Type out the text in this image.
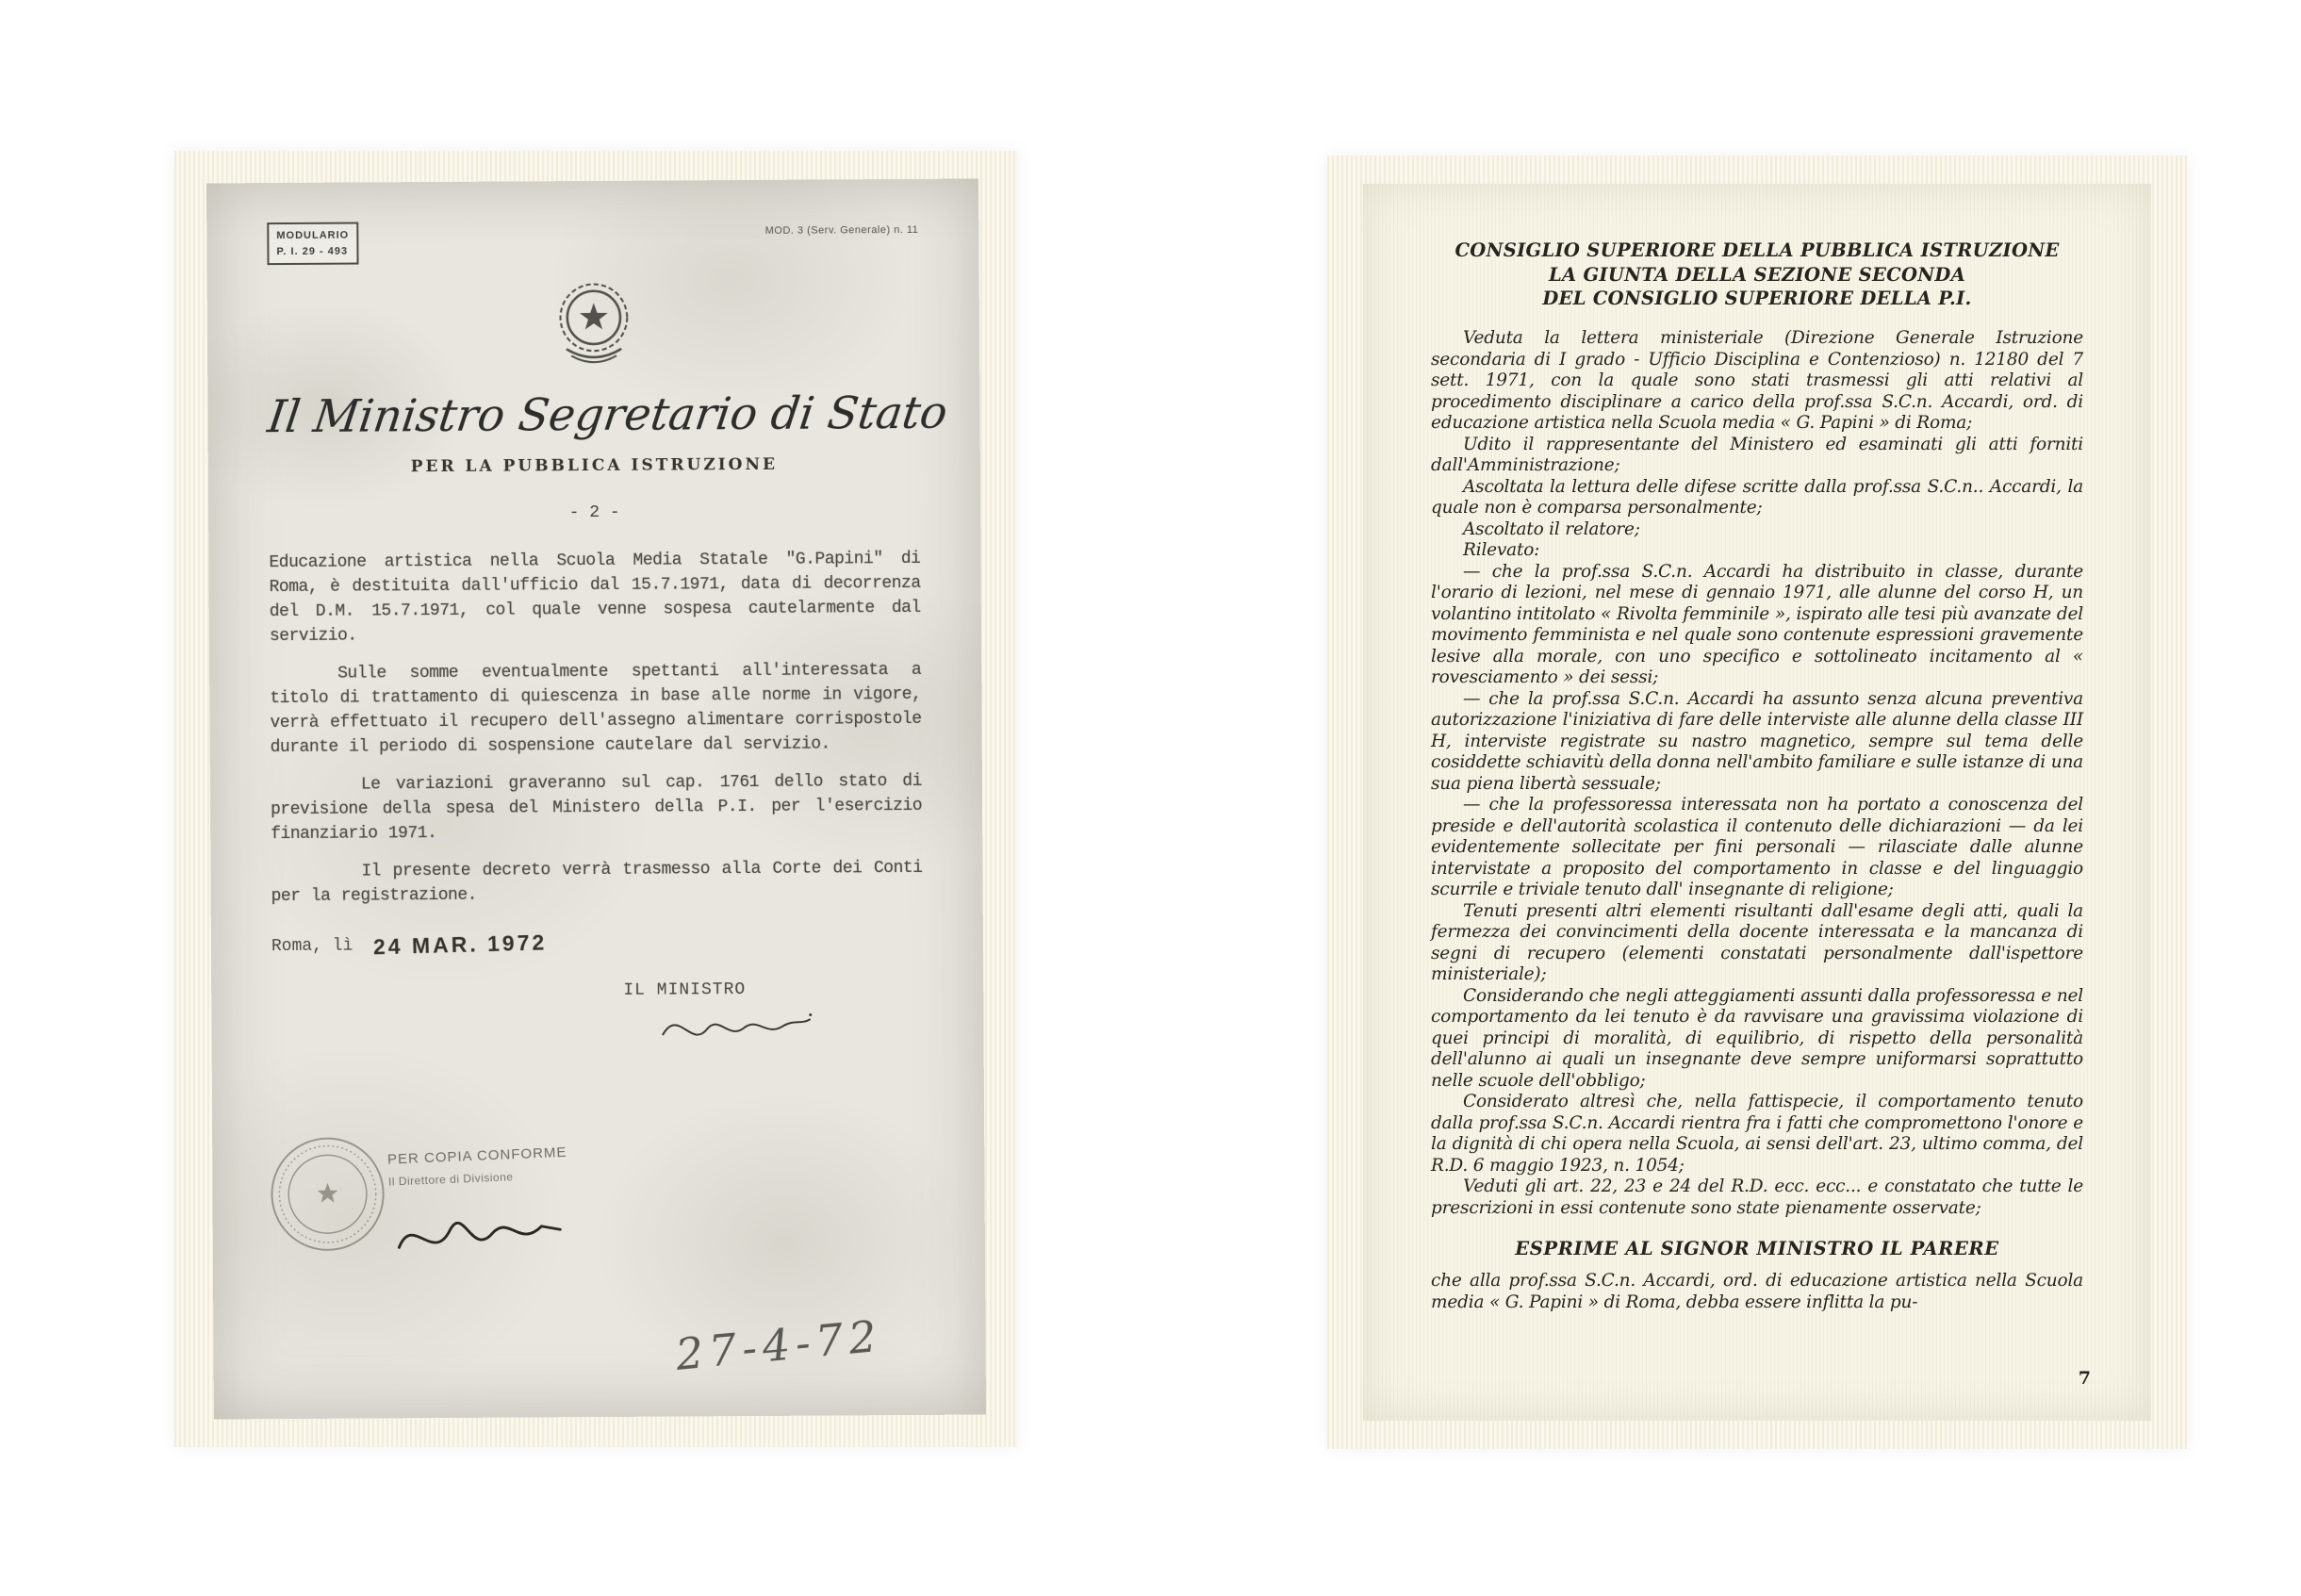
MODULARIO
P. I. 29 - 493
MOD. 3 (Serv. Generale) n. 11
Il Ministro Segretario di Stato
PER LA PUBBLICA ISTRUZIONE
- 2 -

Educazione artistica nella Scuola Media Statale "G.Papini" di Roma, è destituita dall'ufficio dal 15.7.1971, data di decorrenza del D.M. 15.7.1971, col quale venne sospesa cautelarmente dal servizio.

Sulle somme eventualmente spettanti all'interessata a titolo di trattamento di quiescenza in base alle norme in vigore, verrà effettuato il recupero dell'assegno alimentare corrispostole durante il periodo di sospensione cautelare dal servizio.

Le variazioni graveranno sul cap. 1761 dello stato di previsione della spesa del Ministero della P.I. per l'esercizio finanziario 1971.

Il presente decreto verrà trasmesso alla Corte dei Conti per la registrazione.

Roma, lì 24 MAR. 1972
IL MINISTRO
PER COPIA CONFORME
Il Direttore di Divisione
27-4-72
CONSIGLIO SUPERIORE DELLA PUBBLICA ISTRUZIONE
LA GIUNTA DELLA SEZIONE SECONDA
DEL CONSIGLIO SUPERIORE DELLA P.I.

Veduta la lettera ministeriale (Direzione Generale Istruzione secondaria di I grado - Ufficio Disciplina e Contenzioso) n. 12180 del 7 sett. 1971, con la quale sono stati trasmessi gli atti relativi al procedimento disciplinare a carico della prof.ssa S.C.n. Accardi, ord. di educazione artistica nella Scuola media « G. Papini » di Roma;

Udito il rappresentante del Ministero ed esaminati gli atti forniti dall'Amministrazione;

Ascoltata la lettura delle difese scritte dalla prof.ssa S.C.n.. Accardi, la quale non è comparsa personalmente;

Ascoltato il relatore;

Rilevato:

— che la prof.ssa S.C.n. Accardi ha distribuito in classe, durante l'orario di lezioni, nel mese di gennaio 1971, alle alunne del corso H, un volantino intitolato « Rivolta femminile », ispirato alle tesi più avanzate del movimento femminista e nel quale sono contenute espressioni gravemente lesive alla morale, con uno specifico e sottolineato incitamento al « rovesciamento » dei sessi;

— che la prof.ssa S.C.n. Accardi ha assunto senza alcuna preventiva autorizzazione l'iniziativa di fare delle interviste alle alunne della classe III H, interviste registrate su nastro magnetico, sempre sul tema delle cosiddette schiavitù della donna nell'ambito familiare e sulle istanze di una sua piena libertà sessuale;

— che la professoressa interessata non ha portato a conoscenza del preside e dell'autorità scolastica il contenuto delle dichiarazioni — da lei evidentemente sollecitate per fini personali — rilasciate dalle alunne intervistate a proposito del comportamento in classe e del linguaggio scurrile e triviale tenuto dall' insegnante di religione;

Tenuti presenti altri elementi risultanti dall'esame degli atti, quali la fermezza dei convincimenti della docente interessata e la mancanza di segni di recupero (elementi constatati personalmente dall'ispettore ministeriale);

Considerando che negli atteggiamenti assunti dalla professoressa e nel comportamento da lei tenuto è da ravvisare una gravissima violazione di quei principi di moralità, di equilibrio, di rispetto della personalità dell'alunno ai quali un insegnante deve sempre uniformarsi soprattutto nelle scuole dell'obbligo;

Considerato altresì che, nella fattispecie, il comportamento tenuto dalla prof.ssa S.C.n. Accardi rientra fra i fatti che compromettono l'onore e la dignità di chi opera nella Scuola, ai sensi dell'art. 23, ultimo comma, del R.D. 6 maggio 1923, n. 1054;

Veduti gli art. 22, 23 e 24 del R.D. ecc. ecc... e constatato che tutte le prescrizioni in essi contenute sono state pienamente osservate;

ESPRIME AL SIGNOR MINISTRO IL PARERE

che alla prof.ssa S.C.n. Accardi, ord. di educazione artistica nella Scuola media « G. Papini » di Roma, debba essere inflitta la pu-

7
